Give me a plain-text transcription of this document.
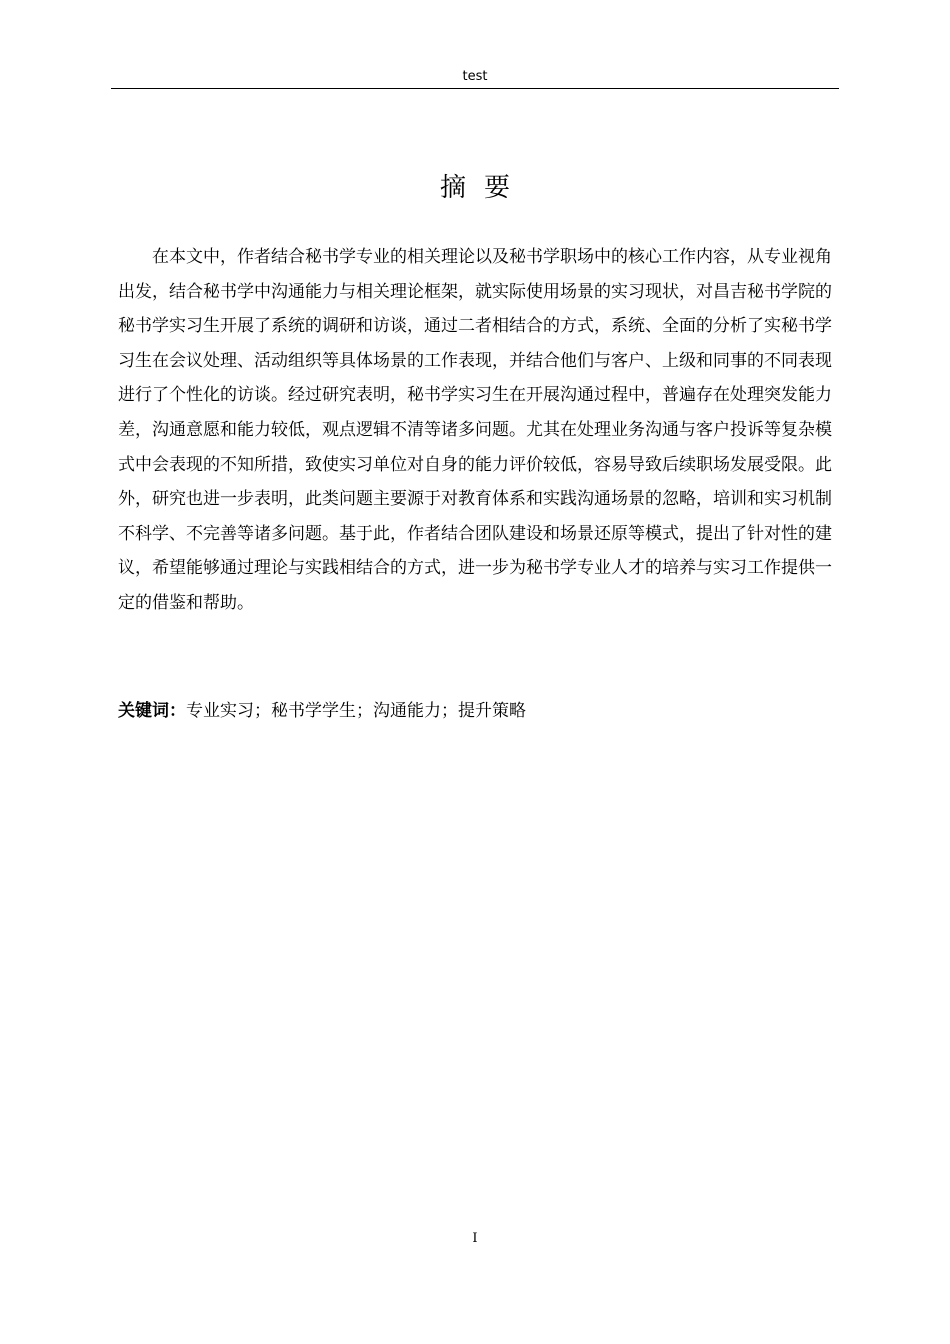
test
摘要

在本文中，作者结合秘书学专业的相关理论以及秘书学职场中的核心工作内容，从专业视角出发，结合秘书学中沟通能力与相关理论框架，就实际使用场景的实习现状，对昌吉秘书学院的秘书学实习生开展了系统的调研和访谈，通过二者相结合的方式，系统、全面的分析了实秘书学习生在会议处理、活动组织等具体场景的工作表现，并结合他们与客户、上级和同事的不同表现进行了个性化的访谈。经过研究表明，秘书学实习生在开展沟通过程中，普遍存在处理突发能力差，沟通意愿和能力较低，观点逻辑不清等诸多问题。尤其在处理业务沟通与客户投诉等复杂模式中会表现的不知所措，致使实习单位对自身的能力评价较低，容易导致后续职场发展受限。此外，研究也进一步表明，此类问题主要源于对教育体系和实践沟通场景的忽略，培训和实习机制不科学、不完善等诸多问题。基于此，作者结合团队建设和场景还原等模式，提出了针对性的建议，希望能够通过理论与实践相结合的方式，进一步为秘书学专业人才的培养与实习工作提供一定的借鉴和帮助。

关键词：专业实习；秘书学学生；沟通能力；提升策略

I
